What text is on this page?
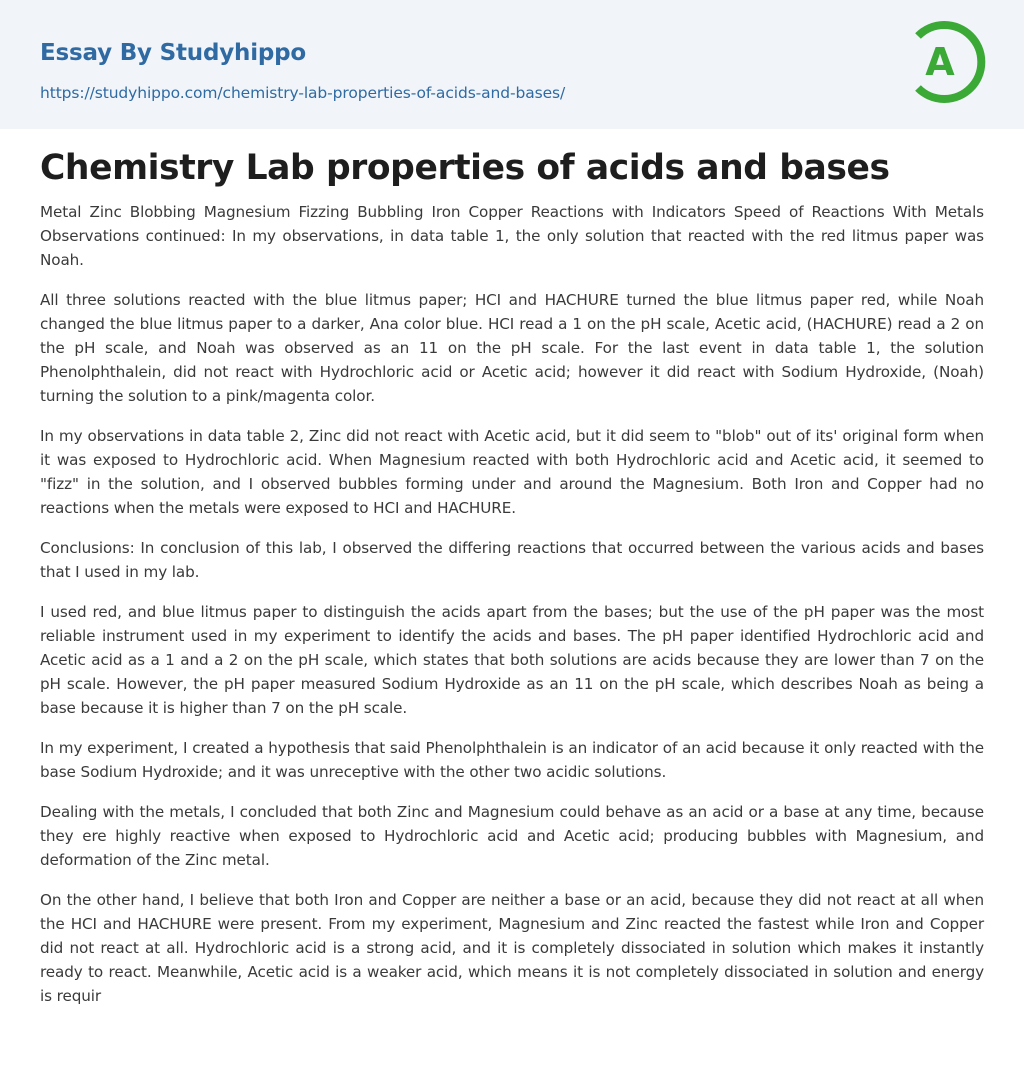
Essay By Studyhippo
https://studyhippo.com/chemistry-lab-properties-of-acids-and-bases/
A
Chemistry Lab properties of acids and bases

Metal Zinc Blobbing Magnesium Fizzing Bubbling Iron Copper Reactions with Indicators Speed of Reactions With Metals Observations continued: In my observations, in data table 1, the only solution that reacted with the red litmus paper was Noah.

All three solutions reacted with the blue litmus paper; HCI and HACHURE turned the blue litmus paper red, while Noah changed the blue litmus paper to a darker, Ana color blue. HCI read a 1 on the pH scale, Acetic acid, (HACHURE) read a 2 on the pH scale, and Noah was observed as an 11 on the pH scale. For the last event in data table 1, the solution Phenolphthalein, did not react with Hydrochloric acid or Acetic acid; however it did react with Sodium Hydroxide, (Noah) turning the solution to a pink/magenta color.

In my observations in data table 2, Zinc did not react with Acetic acid, but it did seem to "blob" out of its' original form when it was exposed to Hydrochloric acid. When Magnesium reacted with both Hydrochloric acid and Acetic acid, it seemed to "fizz" in the solution, and I observed bubbles forming under and around the Magnesium. Both Iron and Copper had no reactions when the metals were exposed to HCI and HACHURE.

Conclusions: In conclusion of this lab, I observed the differing reactions that occurred between the various acids and bases that I used in my lab.

I used red, and blue litmus paper to distinguish the acids apart from the bases; but the use of the pH paper was the most reliable instrument used in my experiment to identify the acids and bases. The pH paper identified Hydrochloric acid and Acetic acid as a 1 and a 2 on the pH scale, which states that both solutions are acids because they are lower than 7 on the pH scale. However, the pH paper measured Sodium Hydroxide as an 11 on the pH scale, which describes Noah as being a base because it is higher than 7 on the pH scale.

In my experiment, I created a hypothesis that said Phenolphthalein is an indicator of an acid because it only reacted with the base Sodium Hydroxide; and it was unreceptive with the other two acidic solutions.

Dealing with the metals, I concluded that both Zinc and Magnesium could behave as an acid or a base at any time, because they ere highly reactive when exposed to Hydrochloric acid and Acetic acid; producing bubbles with Magnesium, and deformation of the Zinc metal.

On the other hand, I believe that both Iron and Copper are neither a base or an acid, because they did not react at all when the HCI and HACHURE were present. From my experiment, Magnesium and Zinc reacted the fastest while Iron and Copper did not react at all. Hydrochloric acid is a strong acid, and it is completely dissociated in solution which makes it instantly ready to react. Meanwhile, Acetic acid is a weaker acid, which means it is not completely dissociated in solution and energy is requir
